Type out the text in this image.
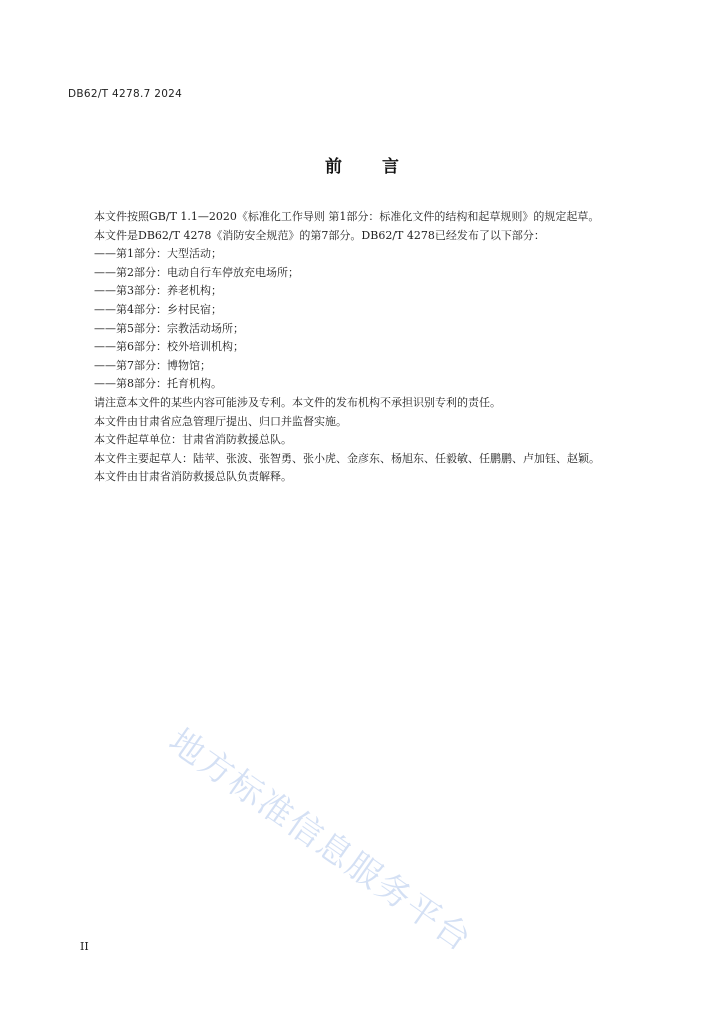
DB62/T 4278.7 2024
前言

本文件按照GB/T 1.1—2020《标准化工作导则 第1部分：标准化文件的结构和起草规则》的规定起草。

本文件是DB62/T 4278《消防安全规范》的第7部分。DB62/T 4278已经发布了以下部分：

——第1部分：大型活动；

——第2部分：电动自行车停放充电场所；

——第3部分：养老机构；

——第4部分：乡村民宿；

——第5部分：宗教活动场所；

——第6部分：校外培训机构；

——第7部分：博物馆；

——第8部分：托育机构。

请注意本文件的某些内容可能涉及专利。本文件的发布机构不承担识别专利的责任。

本文件由甘肃省应急管理厅提出、归口并监督实施。

本文件起草单位：甘肃省消防救援总队。

本文件主要起草人：陆苹、张波、张智勇、张小虎、金彦东、杨旭东、任毅敏、任鹏鹏、卢加钰、赵颖。

本文件由甘肃省消防救援总队负责解释。

地方标准信息服务平台
II
